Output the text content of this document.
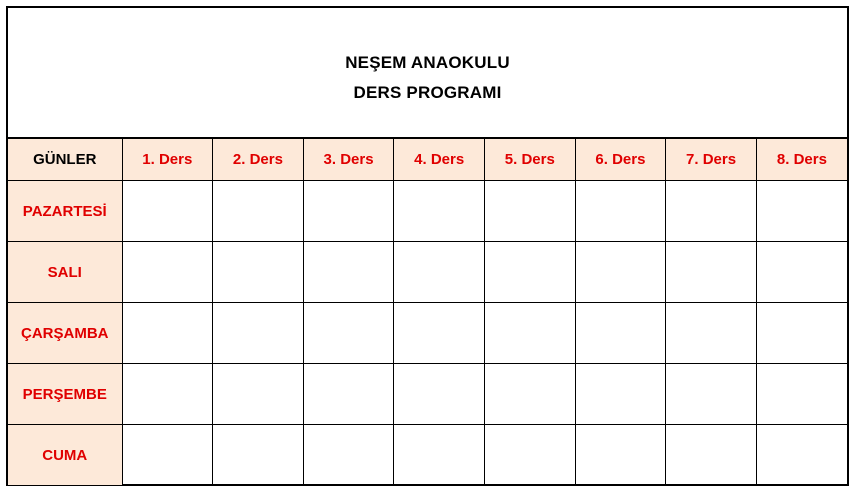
NEŞEM ANAOKULU
DERS PROGRAMI
GÜNLER	1. Ders	2. Ders	3. Ders	4. Ders	5. Ders	6. Ders	7. Ders	8. Ders
PAZARTESİ								
SALI								
ÇARŞAMBA								
PERŞEMBE								
CUMA								
